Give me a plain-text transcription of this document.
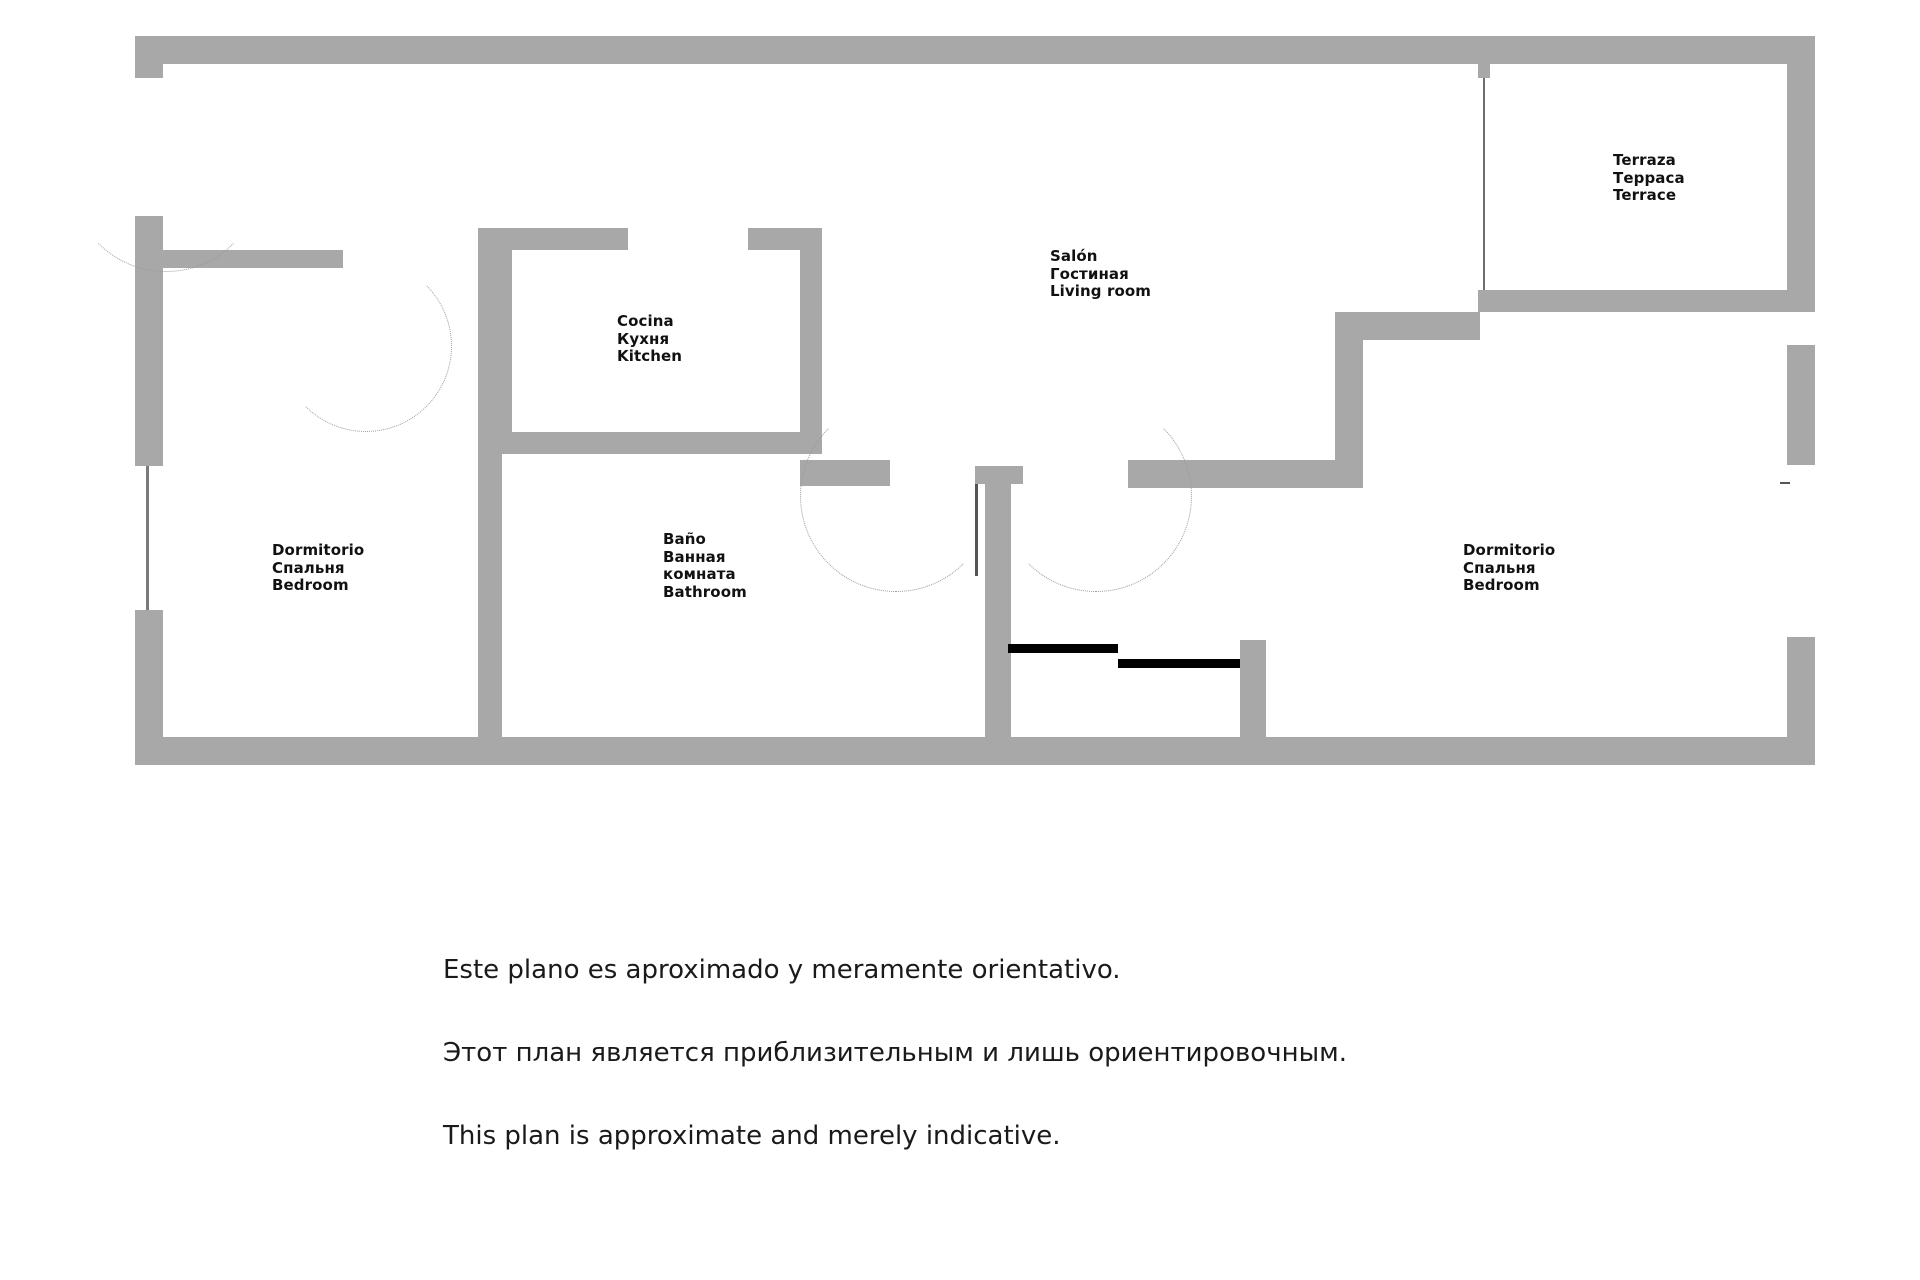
Terraza
Терраса
Terrace
Salón
Гостиная
Living room
Cocina
Кухня
Kitchen
Dormitorio
Спальня
Bedroom
Baño
Ванная
комната
Bathroom
Dormitorio
Спальня
Bedroom
Este plano es aproximado y meramente orientativo.
Этот план является приблизительным и лишь ориентировочным.
This plan is approximate and merely indicative.
